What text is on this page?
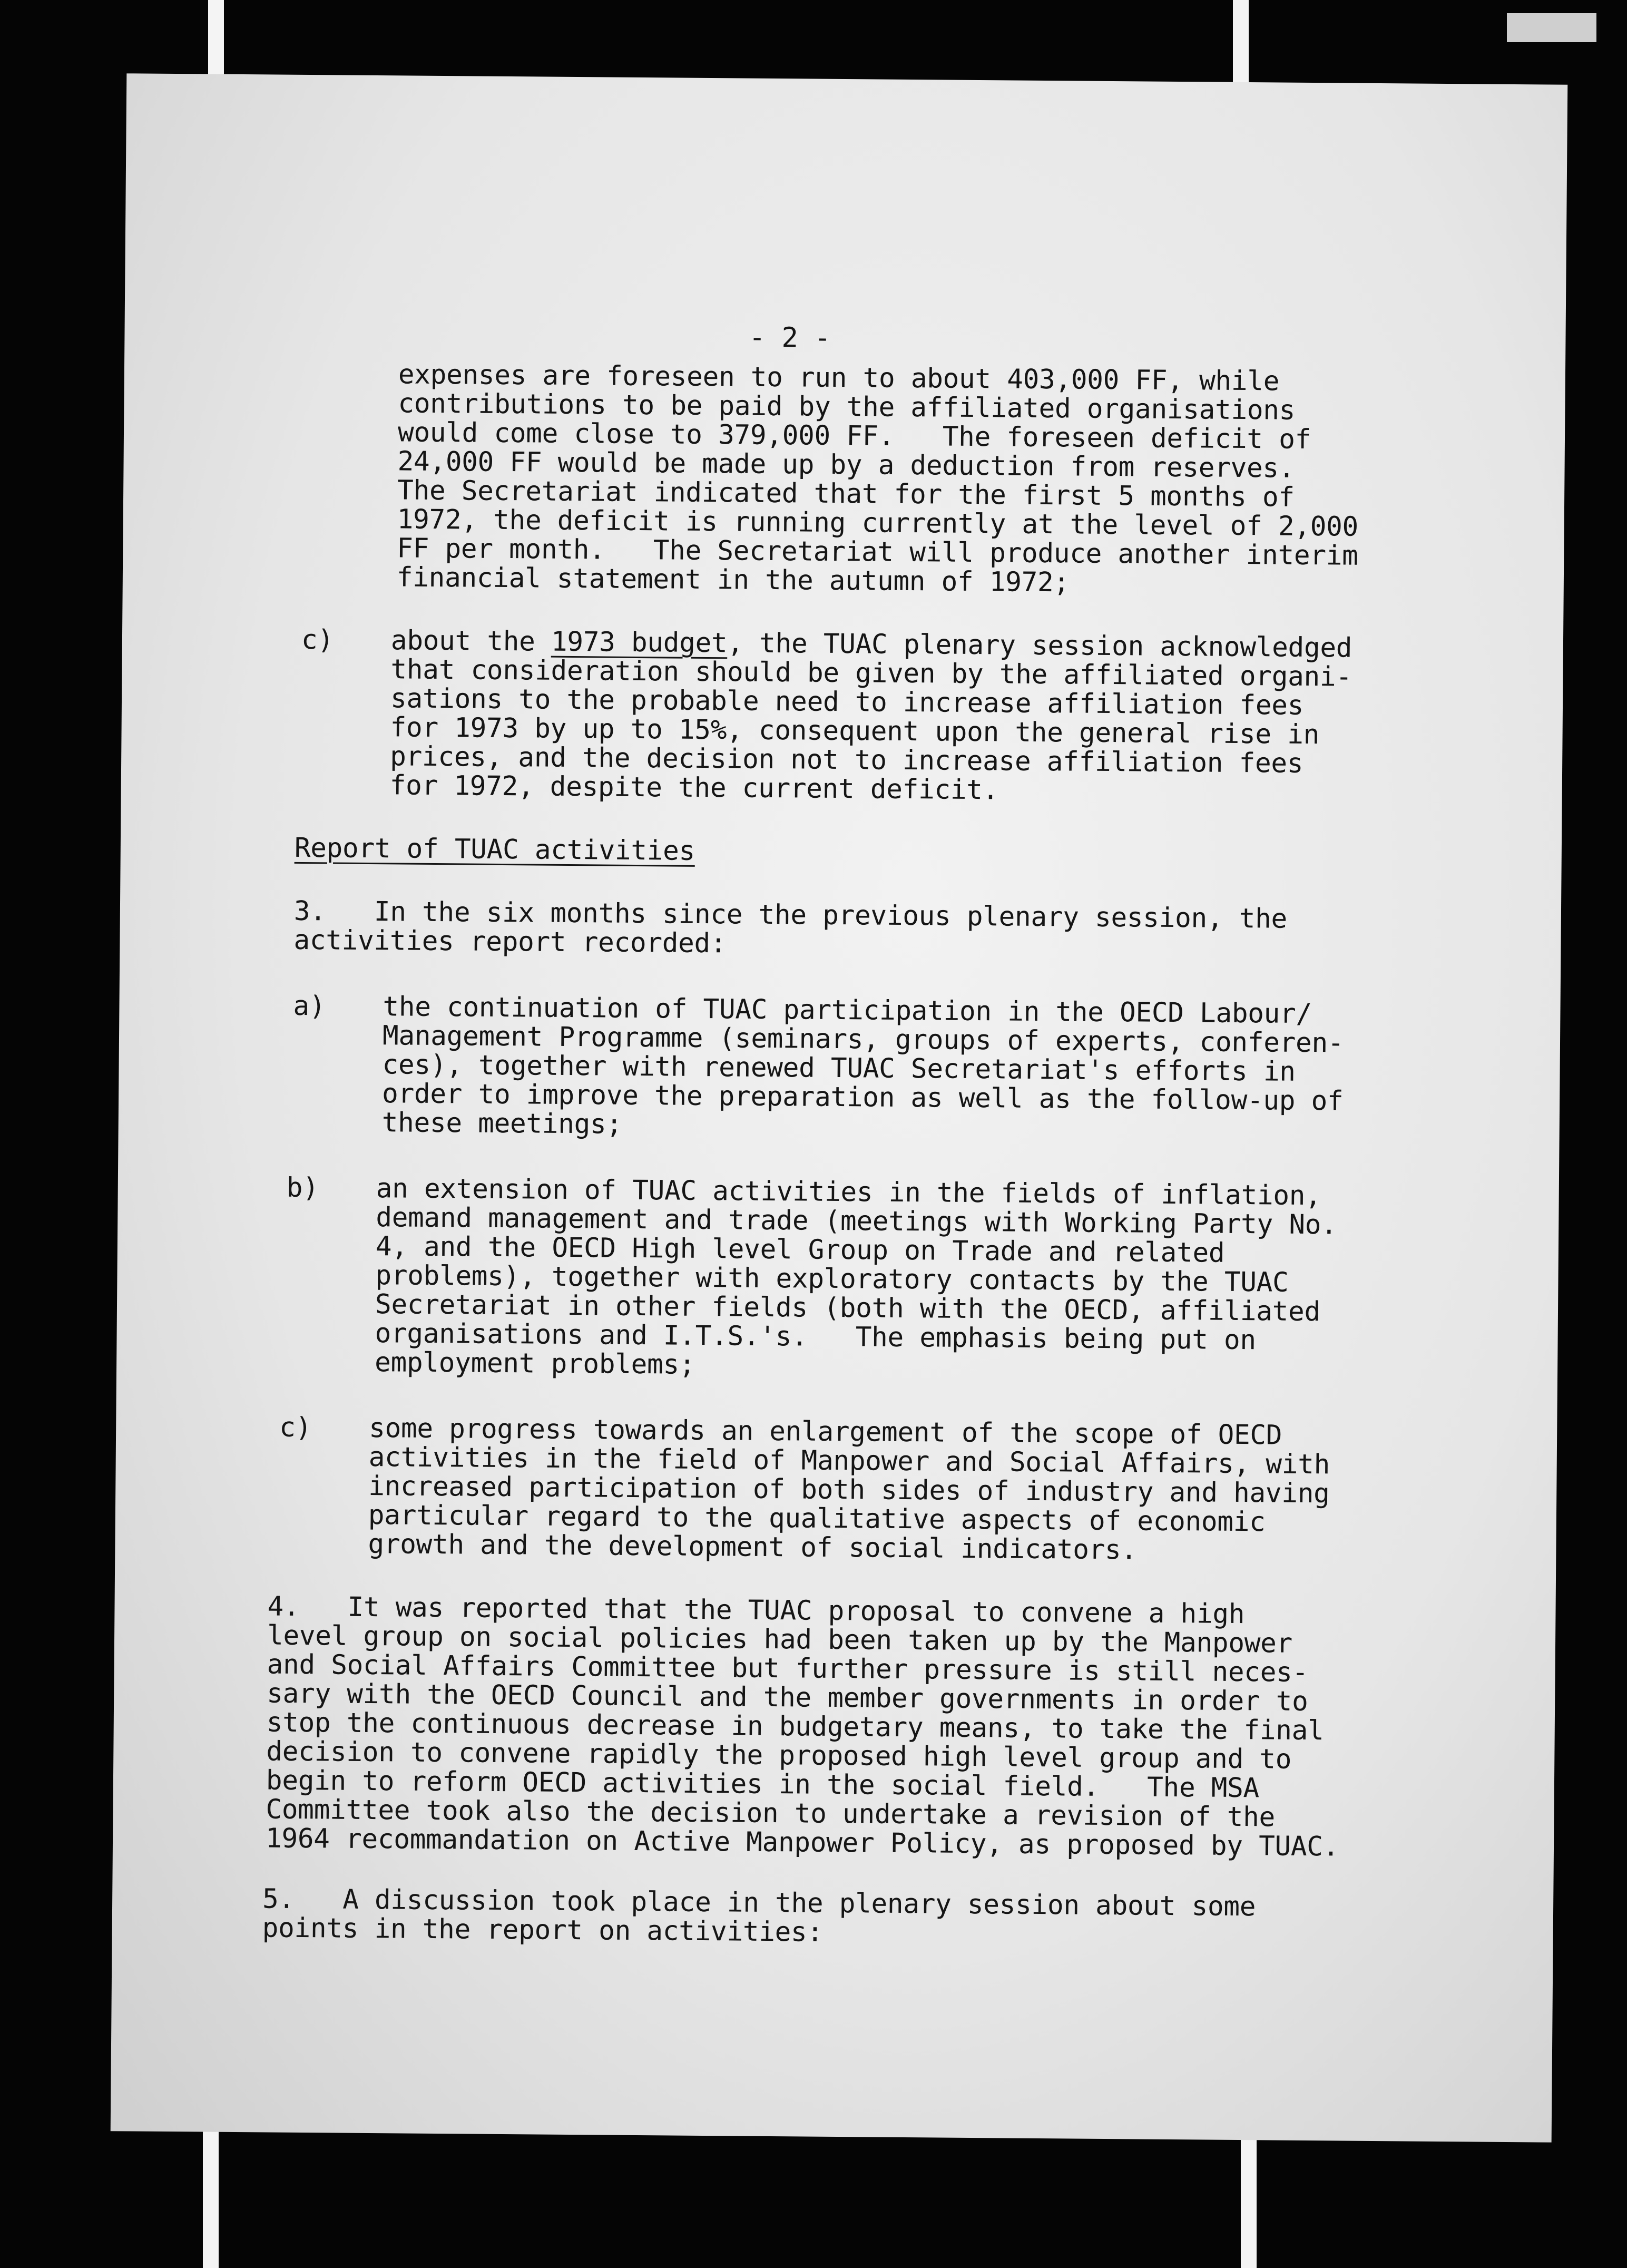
- 2 -
expenses are foreseen to run to about 403,000 FF, while
contributions to be paid by the affiliated organisations
would come close to 379,000 FF.   The foreseen deficit of
24,000 FF would be made up by a deduction from reserves.
The Secretariat indicated that for the first 5 months of
1972, the deficit is running currently at the level of 2,000
FF per month.   The Secretariat will produce another interim
financial statement in the autumn of 1972;
c) about the 1973 budget, the TUAC plenary session acknowledged
that consideration should be given by the affiliated organi-
sations to the probable need to increase affiliation fees
for 1973 by up to 15%, consequent upon the general rise in
prices, and the decision not to increase affiliation fees
for 1972, despite the current deficit.
Report of TUAC activities
3.   In the six months since the previous plenary session, the
activities report recorded:
a) the continuation of TUAC participation in the OECD Labour/
Management Programme (seminars, groups of experts, conferen-
ces), together with renewed TUAC Secretariat's efforts in
order to improve the preparation as well as the follow-up of
these meetings;
b) an extension of TUAC activities in the fields of inflation,
demand management and trade (meetings with Working Party No.
4, and the OECD High level Group on Trade and related
problems), together with exploratory contacts by the TUAC
Secretariat in other fields (both with the OECD, affiliated
organisations and I.T.S.'s.   The emphasis being put on
employment problems;
c) some progress towards an enlargement of the scope of OECD
activities in the field of Manpower and Social Affairs, with
increased participation of both sides of industry and having
particular regard to the qualitative aspects of economic
growth and the development of social indicators.
4.   It was reported that the TUAC proposal to convene a high
level group on social policies had been taken up by the Manpower
and Social Affairs Committee but further pressure is still neces-
sary with the OECD Council and the member governments in order to
stop the continuous decrease in budgetary means, to take the final
decision to convene rapidly the proposed high level group and to
begin to reform OECD activities in the social field.   The MSA
Committee took also the decision to undertake a revision of the
1964 recommandation on Active Manpower Policy, as proposed by TUAC.
5.   A discussion took place in the plenary session about some
points in the report on activities:
